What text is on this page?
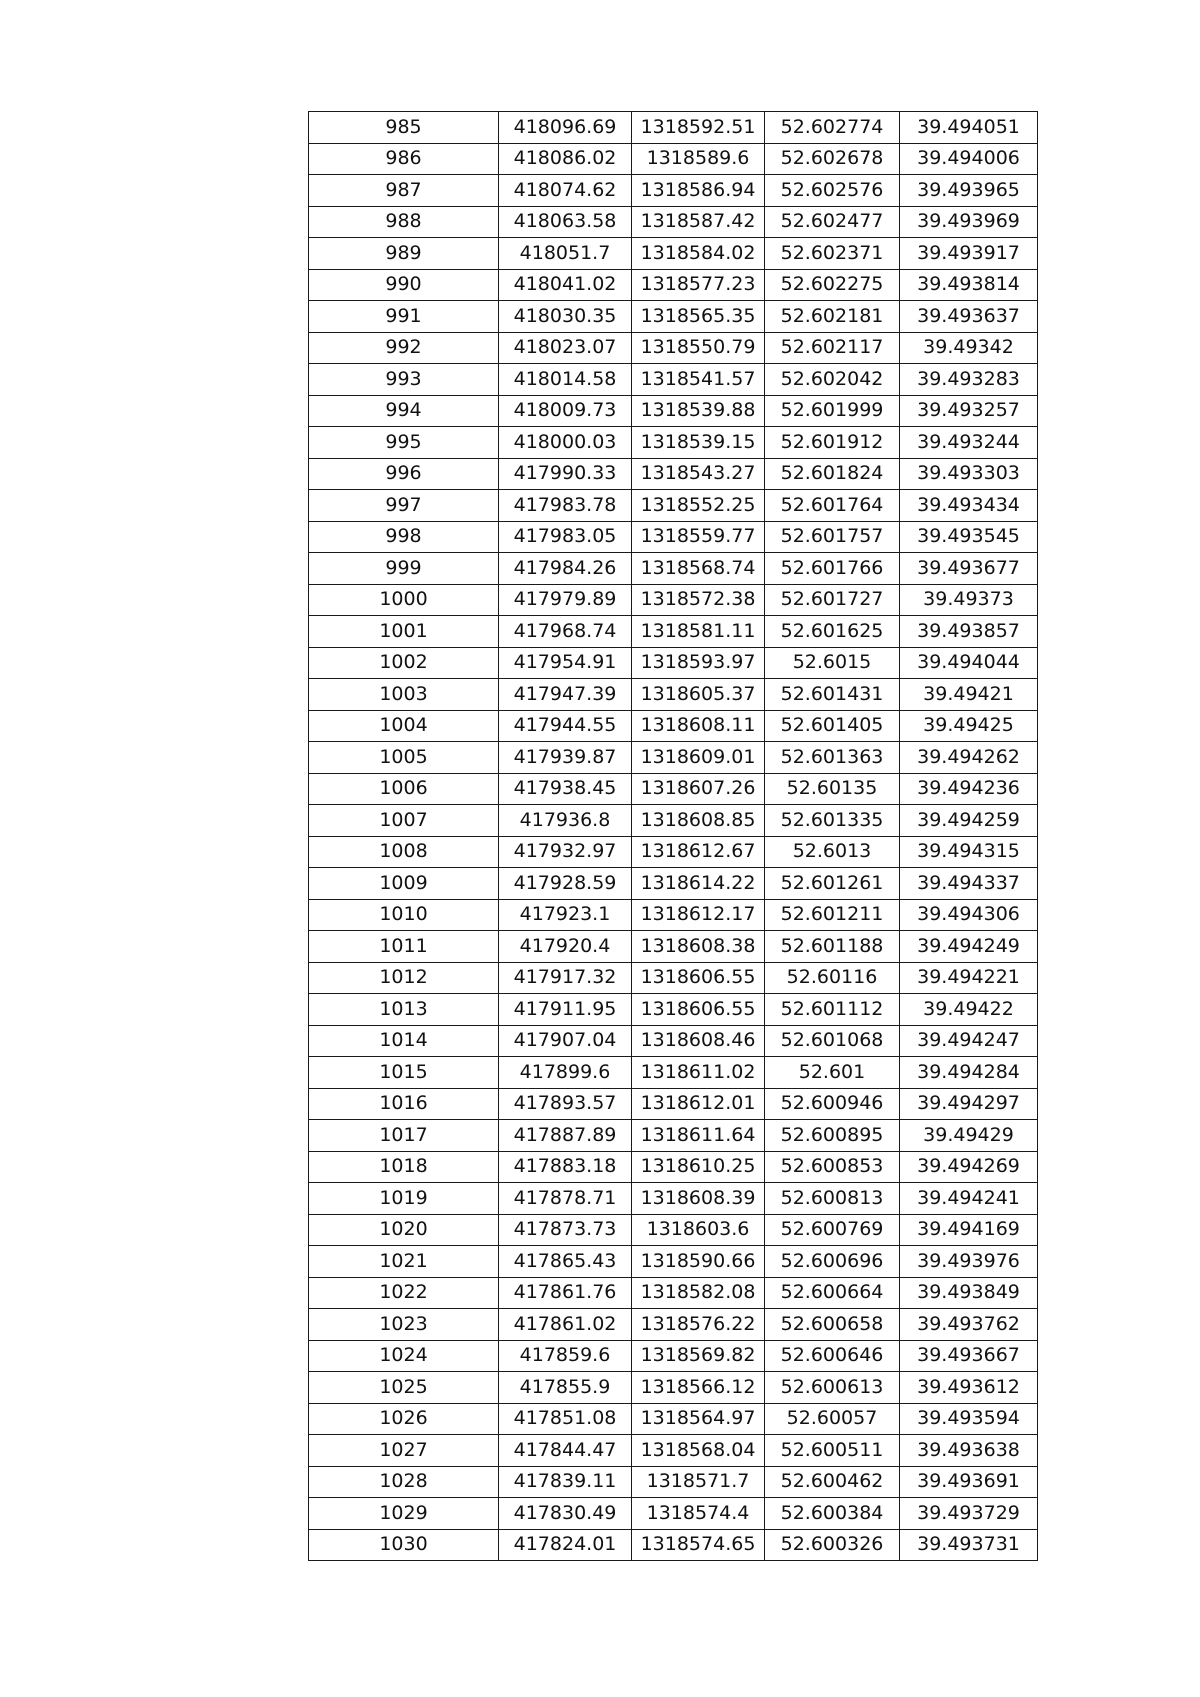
985	418096.69	1318592.51	52.602774	39.494051
986	418086.02	1318589.6	52.602678	39.494006
987	418074.62	1318586.94	52.602576	39.493965
988	418063.58	1318587.42	52.602477	39.493969
989	418051.7	1318584.02	52.602371	39.493917
990	418041.02	1318577.23	52.602275	39.493814
991	418030.35	1318565.35	52.602181	39.493637
992	418023.07	1318550.79	52.602117	39.49342
993	418014.58	1318541.57	52.602042	39.493283
994	418009.73	1318539.88	52.601999	39.493257
995	418000.03	1318539.15	52.601912	39.493244
996	417990.33	1318543.27	52.601824	39.493303
997	417983.78	1318552.25	52.601764	39.493434
998	417983.05	1318559.77	52.601757	39.493545
999	417984.26	1318568.74	52.601766	39.493677
1000	417979.89	1318572.38	52.601727	39.49373
1001	417968.74	1318581.11	52.601625	39.493857
1002	417954.91	1318593.97	52.6015	39.494044
1003	417947.39	1318605.37	52.601431	39.49421
1004	417944.55	1318608.11	52.601405	39.49425
1005	417939.87	1318609.01	52.601363	39.494262
1006	417938.45	1318607.26	52.60135	39.494236
1007	417936.8	1318608.85	52.601335	39.494259
1008	417932.97	1318612.67	52.6013	39.494315
1009	417928.59	1318614.22	52.601261	39.494337
1010	417923.1	1318612.17	52.601211	39.494306
1011	417920.4	1318608.38	52.601188	39.494249
1012	417917.32	1318606.55	52.60116	39.494221
1013	417911.95	1318606.55	52.601112	39.49422
1014	417907.04	1318608.46	52.601068	39.494247
1015	417899.6	1318611.02	52.601	39.494284
1016	417893.57	1318612.01	52.600946	39.494297
1017	417887.89	1318611.64	52.600895	39.49429
1018	417883.18	1318610.25	52.600853	39.494269
1019	417878.71	1318608.39	52.600813	39.494241
1020	417873.73	1318603.6	52.600769	39.494169
1021	417865.43	1318590.66	52.600696	39.493976
1022	417861.76	1318582.08	52.600664	39.493849
1023	417861.02	1318576.22	52.600658	39.493762
1024	417859.6	1318569.82	52.600646	39.493667
1025	417855.9	1318566.12	52.600613	39.493612
1026	417851.08	1318564.97	52.60057	39.493594
1027	417844.47	1318568.04	52.600511	39.493638
1028	417839.11	1318571.7	52.600462	39.493691
1029	417830.49	1318574.4	52.600384	39.493729
1030	417824.01	1318574.65	52.600326	39.493731
